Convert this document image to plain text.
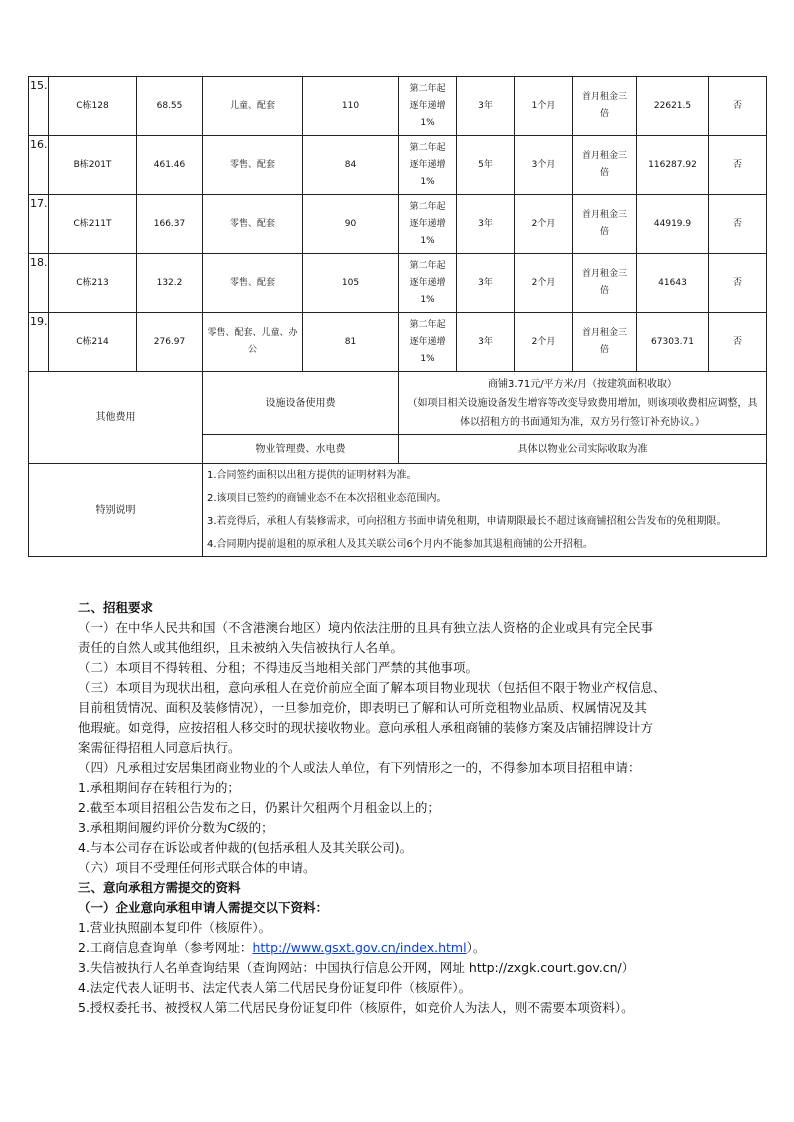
15.	C栋128	68.55	儿童、配套	110	第二年起
逐年递增
1%	3年	1个月	首月租金三
倍	22621.5	否
16.	B栋201T	461.46	零售、配套	84	第二年起
逐年递增
1%	5年	3个月	首月租金三
倍	116287.92	否
17.	C栋211T	166.37	零售、配套	90	第二年起
逐年递增
1%	3年	2个月	首月租金三
倍	44919.9	否
18.	C栋213	132.2	零售、配套	105	第二年起
逐年递增
1%	3年	2个月	首月租金三
倍	41643	否
19.	C栋214	276.97	零售、配套、儿童、办公	81	第二年起
逐年递增
1%	3年	2个月	首月租金三
倍	67303.71	否
其他费用			设施设备使用费		商铺3.71元/平方米/月（按建筑面积收取）
（如项目相关设施设备发生增容等改变导致费用增加，则该项收费相应调整，具体以招租方的书面通知为准，双方另行签订补充协议。）					
			物业管理费、水电费		具体以物业公司实际收取为准					
特别说明			1.合同签约面积以出租方提供的证明材料为准。

2.该项目已签约的商铺业态不在本次招租业态范围内。

3.若竞得后，承租人有装修需求，可向招租方书面申请免租期，申请期限最长不超过该商铺招租公告发布的免租期限。

4.合同期内提前退租的原承租人及其关联公司6个月内不能参加其退租商铺的公开招租。							

二、招租要求

（一）在中华人民共和国（不含港澳台地区）境内依法注册的且具有独立法人资格的企业或具有完全民事

责任的自然人或其他组织，且未被纳入失信被执行人名单。

（二）本项目不得转租、分租；不得违反当地相关部门严禁的其他事项。

（三）本项目为现状出租，意向承租人在竞价前应全面了解本项目物业现状（包括但不限于物业产权信息、

目前租赁情况、面积及装修情况），一旦参加竞价，即表明已了解和认可所竞租物业品质、权属情况及其

他瑕疵。如竞得，应按招租人移交时的现状接收物业。意向承租人承租商铺的装修方案及店铺招牌设计方

案需征得招租人同意后执行。

（四）凡承租过安居集团商业物业的个人或法人单位，有下列情形之一的，不得参加本项目招租申请：

1.承租期间存在转租行为的；

2.截至本项目招租公告发布之日，仍累计欠租两个月租金以上的；

3.承租期间履约评价分数为C级的；

4.与本公司存在诉讼或者仲裁的(包括承租人及其关联公司)。

（六）项目不受理任何形式联合体的申请。

三、意向承租方需提交的资料

（一）企业意向承租申请人需提交以下资料：

1.营业执照副本复印件（核原件）。

2.工商信息查询单（参考网址：http://www.gsxt.gov.cn/index.html）。

3.失信被执行人名单查询结果（查询网站：中国执行信息公开网，网址 http://zxgk.court.gov.cn/）

4.法定代表人证明书、法定代表人第二代居民身份证复印件（核原件）。

5.授权委托书、被授权人第二代居民身份证复印件（核原件，如竞价人为法人，则不需要本项资料）。
